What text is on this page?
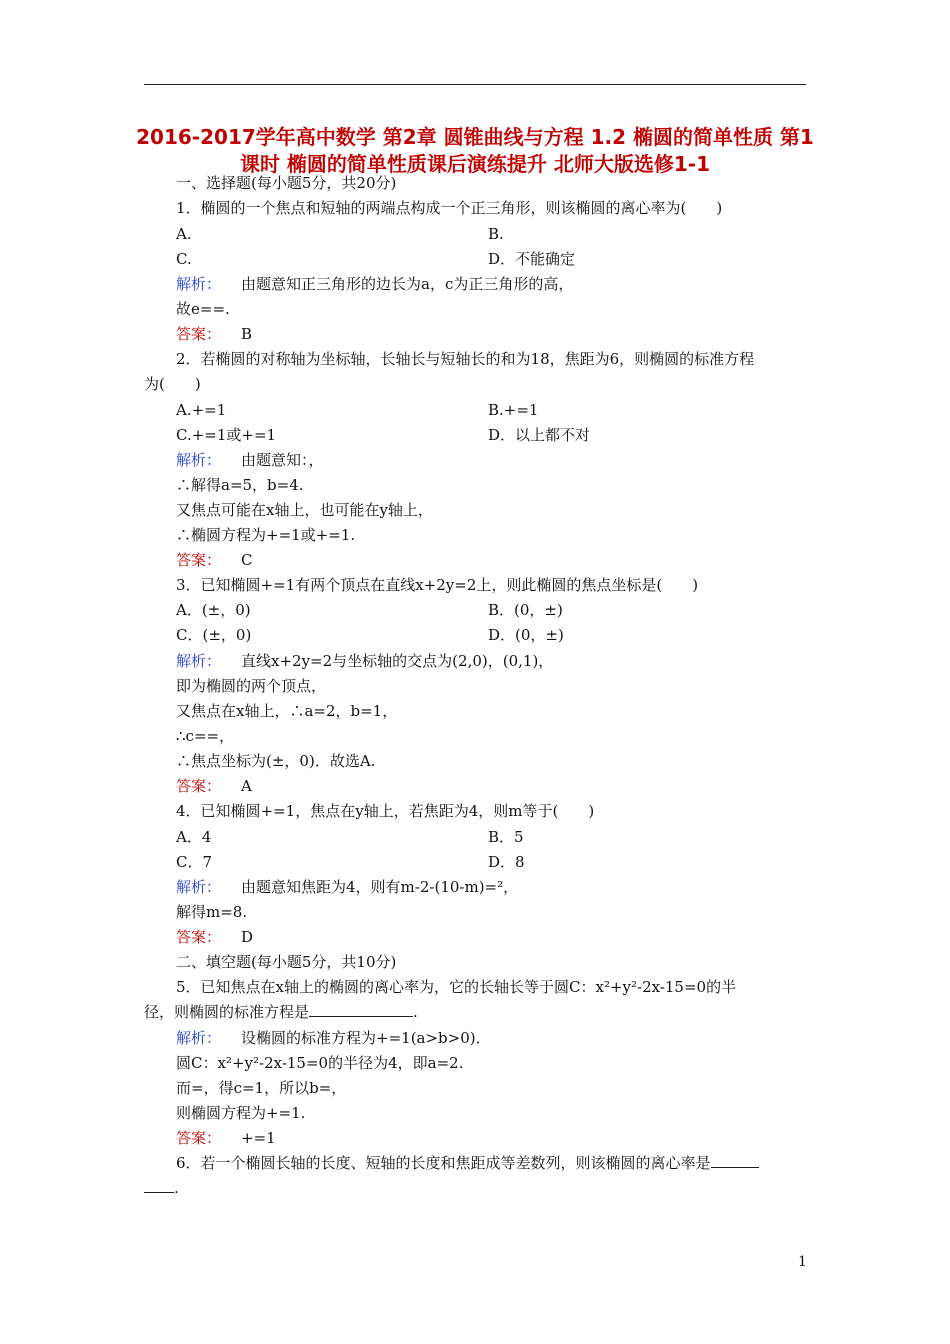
2016-2017学年高中数学 第2章 圆锥曲线与方程 1.2 椭圆的简单性质 第1课时 椭圆的简单性质课后演练提升 北师大版选修1-1
一、选择题(每小题5分，共20分)
1．椭圆的一个焦点和短轴的两端点构成一个正三角形，则该椭圆的离心率为(　　)
A.	B.
C.	D．不能确定
解析： 由题意知正三角形的边长为a，c为正三角形的高，
故e==.
答案： B
2．若椭圆的对称轴为坐标轴，长轴长与短轴长的和为18，焦距为6，则椭圆的标准方程
为(　　)
A.+=1	B.+=1
C.+=1或+=1	D．以上都不对
解析： 由题意知：，
∴解得a=5，b=4.
又焦点可能在x轴上，也可能在y轴上，
∴椭圆方程为+=1或+=1.
答案： C
3．已知椭圆+=1有两个顶点在直线x+2y=2上，则此椭圆的焦点坐标是(　　)
A．(±，0)	B．(0，±)
C．(±，0)	D．(0，±)
解析： 直线x+2y=2与坐标轴的交点为(2,0)，(0,1)，
即为椭圆的两个顶点，
又焦点在x轴上，∴a=2，b=1，
∴c==，
∴焦点坐标为(±，0)．故选A.
答案： A
4．已知椭圆+=1，焦点在y轴上，若焦距为4，则m等于(　　)
A．4	B．5
C．7	D．8
解析： 由题意知焦距为4，则有m-2-(10-m)=²，
解得m=8.
答案： D
二、填空题(每小题5分，共10分)
5．已知焦点在x轴上的椭圆的离心率为，它的长轴长等于圆C：x²+y²-2x-15=0的半
径，则椭圆的标准方程是	.
解析： 设椭圆的标准方程为+=1(a>b>0)．
圆C：x²+y²-2x-15=0的半径为4，即a=2.
而=，得c=1，所以b=，
则椭圆方程为+=1.
答案： +=1
6．若一个椭圆长轴的长度、短轴的长度和焦距成等差数列，则该椭圆的离心率是
.
1
